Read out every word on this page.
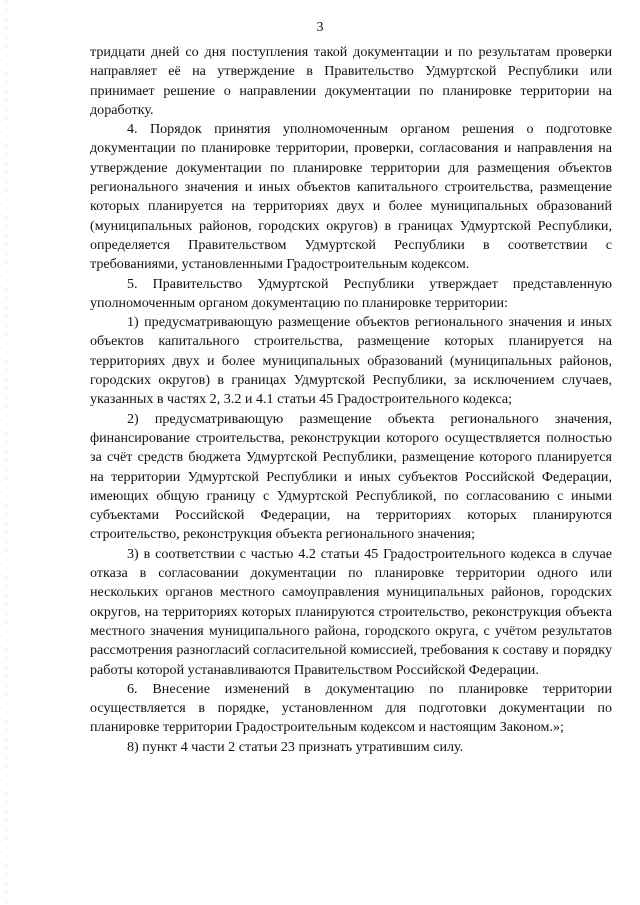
3

тридцати дней со дня поступления такой документации и по результатам проверки направляет её на утверждение в Правительство Удмуртской Республики или принимает решение о направлении документации по планировке территории на доработку.

4. Порядок принятия уполномоченным органом решения о подготовке документации по планировке территории, проверки, согласования и направления на утверждение документации по планировке территории для размещения объектов регионального значения и иных объектов капитального строительства, размещение которых планируется на территориях двух и более муниципальных образований (муниципальных районов, городских округов) в границах Удмуртской Республики, определяется Правительством Удмуртской Республики в соответствии с требованиями, установленными Градостроительным кодексом.

5. Правительство Удмуртской Республики утверждает представленную уполномоченным органом документацию по планировке территории:

1) предусматривающую размещение объектов регионального значения и иных объектов капитального строительства, размещение которых планируется на территориях двух и более муниципальных образований (муниципальных районов, городских округов) в границах Удмуртской Республики, за исключением случаев, указанных в частях 2, 3.2 и 4.1 статьи 45 Градостроительного кодекса;

2) предусматривающую размещение объекта регионального значения, финансирование строительства, реконструкции которого осуществляется полностью за счёт средств бюджета Удмуртской Республики, размещение которого планируется на территории Удмуртской Республики и иных субъектов Российской Федерации, имеющих общую границу с Удмуртской Республикой, по согласованию с иными субъектами Российской Федерации, на территориях которых планируются строительство, реконструкция объекта регионального значения;

3) в соответствии с частью 4.2 статьи 45 Градостроительного кодекса в случае отказа в согласовании документации по планировке территории одного или нескольких органов местного самоуправления муниципальных районов, городских округов, на территориях которых планируются строительство, реконструкция объекта местного значения муниципального района, городского округа, с учётом результатов рассмотрения разногласий согласительной комиссией, требования к составу и порядку работы которой устанавливаются Правительством Российской Федерации.

6. Внесение изменений в документацию по планировке территории осуществляется в порядке, установленном для подготовки документации по планировке территории Градостроительным кодексом и настоящим Законом.»;

8) пункт 4 части 2 статьи 23 признать утратившим силу.
